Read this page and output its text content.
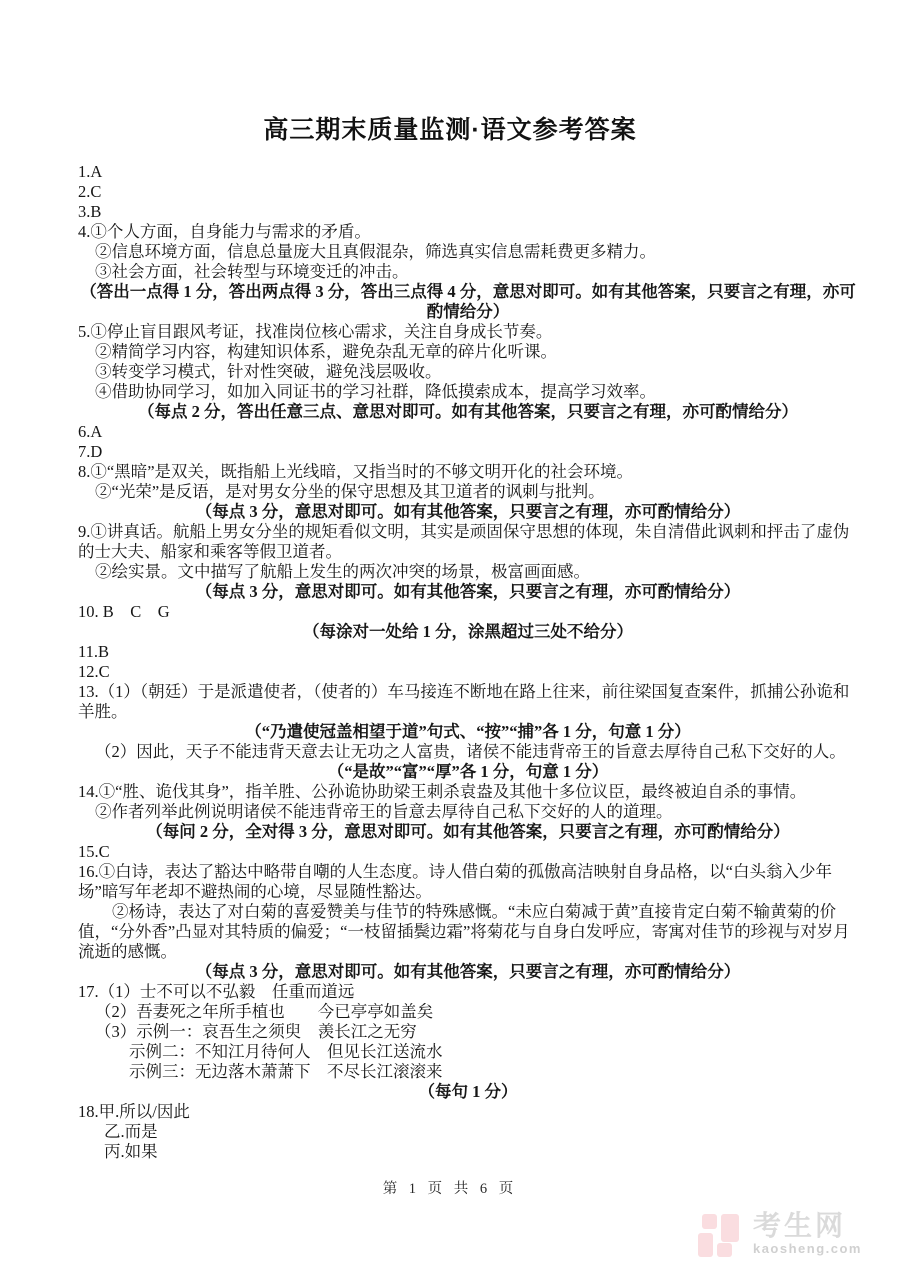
高三期末质量监测·语文参考答案
1.A
2.C
3.B
4.①个人方面，自身能力与需求的矛盾。
②信息环境方面，信息总量庞大且真假混杂，筛选真实信息需耗费更多精力。
③社会方面，社会转型与环境变迁的冲击。
（答出一点得 1 分，答出两点得 3 分，答出三点得 4 分，意思对即可。如有其他答案，只要言之有理，亦可酌情给分）
5.①停止盲目跟风考证，找准岗位核心需求，关注自身成长节奏。
②精简学习内容，构建知识体系，避免杂乱无章的碎片化听课。
③转变学习模式，针对性突破，避免浅层吸收。
④借助协同学习，如加入同证书的学习社群，降低摸索成本，提高学习效率。
（每点 2 分，答出任意三点、意思对即可。如有其他答案，只要言之有理，亦可酌情给分）
6.A
7.D
8.①“黑暗”是双关，既指船上光线暗，又指当时的不够文明开化的社会环境。
②“光荣”是反语，是对男女分坐的保守思想及其卫道者的讽刺与批判。
（每点 3 分，意思对即可。如有其他答案，只要言之有理，亦可酌情给分）
9.①讲真话。航船上男女分坐的规矩看似文明，其实是顽固保守思想的体现，朱自清借此讽刺和抨击了虚伪的士大夫、船家和乘客等假卫道者。
②绘实景。文中描写了航船上发生的两次冲突的场景，极富画面感。
（每点 3 分，意思对即可。如有其他答案，只要言之有理，亦可酌情给分）
10. B　C　G
（每涂对一处给 1 分，涂黑超过三处不给分）
11.B
12.C
13.（1）（朝廷）于是派遣使者，（使者的）车马接连不断地在路上往来，前往梁国复查案件，抓捕公孙诡和羊胜。
（“乃遣使冠盖相望于道”句式、“按”“捕”各 1 分，句意 1 分）
（2）因此，天子不能违背天意去让无功之人富贵，诸侯不能违背帝王的旨意去厚待自己私下交好的人。
（“是故”“富”“厚”各 1 分，句意 1 分）
14.①“胜、诡伐其身”，指羊胜、公孙诡协助梁王刺杀袁盎及其他十多位议臣，最终被迫自杀的事情。
②作者列举此例说明诸侯不能违背帝王的旨意去厚待自己私下交好的人的道理。
（每问 2 分，全对得 3 分，意思对即可。如有其他答案，只要言之有理，亦可酌情给分）
15.C
16.①白诗，表达了豁达中略带自嘲的人生态度。诗人借白菊的孤傲高洁映射自身品格，以“白头翁入少年场”暗写年老却不避热闹的心境，尽显随性豁达。
②杨诗，表达了对白菊的喜爱赞美与佳节的特殊感慨。“未应白菊减于黄”直接肯定白菊不输黄菊的价值，“分外香”凸显对其特质的偏爱；“一枝留插鬓边霜”将菊花与自身白发呼应，寄寓对佳节的珍视与对岁月流逝的感慨。
（每点 3 分，意思对即可。如有其他答案，只要言之有理，亦可酌情给分）
17.（1）士不可以不弘毅　任重而道远
（2）吾妻死之年所手植也　　今已亭亭如盖矣
（3）示例一：哀吾生之须臾　羡长江之无穷
示例二：不知江月待何人　但见长江送流水
示例三：无边落木萧萧下　不尽长江滚滚来
（每句 1 分）
18.甲.所以/因此
乙.而是
丙.如果
第 1 页 共 6 页
考生网
kaosheng.com
